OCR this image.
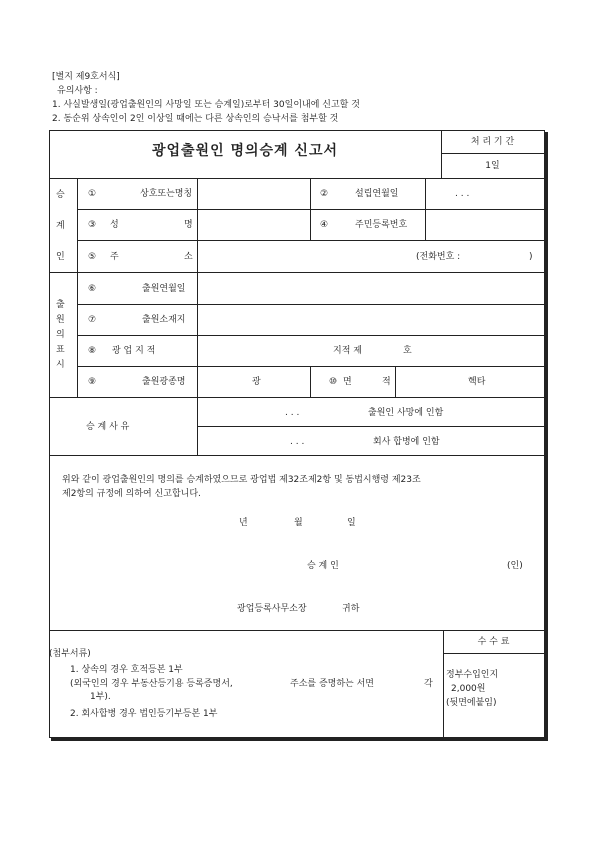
[별지 제9호서식]
유의사항 :
1. 사실발생일(광업출원인의 사망일 또는 승계일)로부터 30일이내에 신고할 것
2. 동순위 상속인이 2인 이상일 때에는 다른 상속인의 승낙서를 첨부할 것
광업출원인 명의승계 신고서
처 리 기 간
1일
승
계
인
①	상호또는명칭	②	설립연월일	. . .
③ 성	명	④	주민등록번호
⑤ 주	소	(전화번호 :	)
출
원
의
표
시
⑥	출원연월일
⑦	출원소재지
⑧ 광 업 지 적	지적 제	호
⑨	출원광종명	광	⑩ 면	적	헥타
승 계 사 유
. . .	출원인 사망에 인함
. . .	회사 합병에 인함
위와 같이 광업출원인의 명의를 승계하였으므로 광업법 제32조제2항 및 동법시행령 제23조
제2항의 규정에 의하여 신고합니다.
년	월	일
승 계 인	(인)
광업등록사무소장	귀하
(첨부서류)
1. 상속의 경우 호적등본 1부
(외국인의 경우 부동산등기용 등록증명서,	주소를 증명하는 서면	각
1부).
2. 회사합병 경우 법인등기부등본 1부
수 수 료
정부수입인지
2,000원
(뒷면에붙임)
